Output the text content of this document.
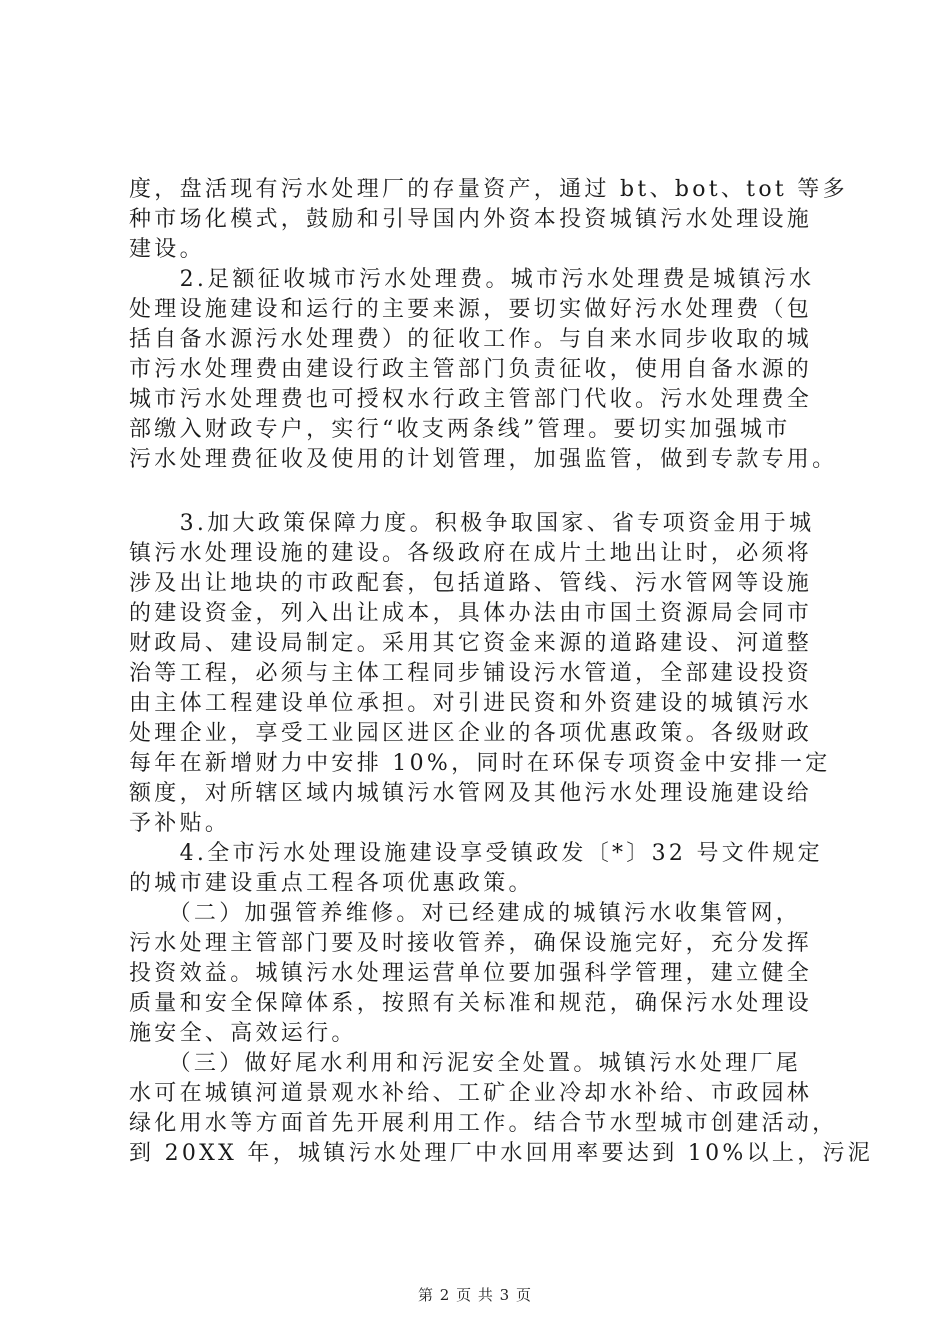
度，盘活现有污水处理厂的存量资产，通过 bt、bot、tot 等多
种市场化模式，鼓励和引导国内外资本投资城镇污水处理设施
建设。
　　2.足额征收城市污水处理费。城市污水处理费是城镇污水
处理设施建设和运行的主要来源，要切实做好污水处理费（包
括自备水源污水处理费）的征收工作。与自来水同步收取的城
市污水处理费由建设行政主管部门负责征收，使用自备水源的
城市污水处理费也可授权水行政主管部门代收。污水处理费全
部缴入财政专户，实行“收支两条线”管理。要切实加强城市
污水处理费征收及使用的计划管理，加强监管，做到专款专用。
　　3.加大政策保障力度。积极争取国家、省专项资金用于城
镇污水处理设施的建设。各级政府在成片土地出让时，必须将
涉及出让地块的市政配套，包括道路、管线、污水管网等设施
的建设资金，列入出让成本，具体办法由市国土资源局会同市
财政局、建设局制定。采用其它资金来源的道路建设、河道整
治等工程，必须与主体工程同步铺设污水管道，全部建设投资
由主体工程建设单位承担。对引进民资和外资建设的城镇污水
处理企业，享受工业园区进区企业的各项优惠政策。各级财政
每年在新增财力中安排 10%，同时在环保专项资金中安排一定
额度，对所辖区域内城镇污水管网及其他污水处理设施建设给
予补贴。
　　4.全市污水处理设施建设享受镇政发〔*〕32 号文件规定
的城市建设重点工程各项优惠政策。
　　（二）加强管养维修。对已经建成的城镇污水收集管网，
污水处理主管部门要及时接收管养，确保设施完好，充分发挥
投资效益。城镇污水处理运营单位要加强科学管理，建立健全
质量和安全保障体系，按照有关标准和规范，确保污水处理设
施安全、高效运行。
　　（三）做好尾水利用和污泥安全处置。城镇污水处理厂尾
水可在城镇河道景观水补给、工矿企业冷却水补给、市政园林
绿化用水等方面首先开展利用工作。结合节水型城市创建活动，
到 20XX 年，城镇污水处理厂中水回用率要达到 10%以上，污泥
第 2 页 共 3 页
